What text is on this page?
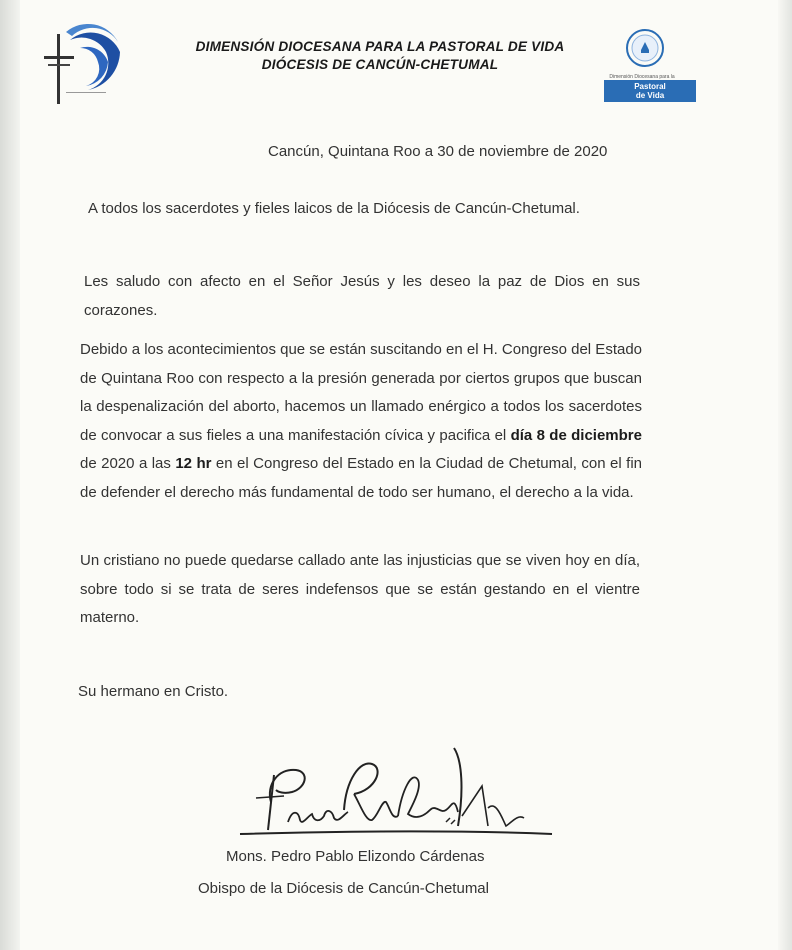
DIMENSIÓN DIOCESANA PARA LA PASTORAL DE VIDA
DIÓCESIS DE CANCÚN-CHETUMAL
Dimensión Diocesana para la
Pastoral
de Vida
Cancún, Quintana Roo a 30 de noviembre de 2020
A todos los sacerdotes y fieles laicos de la Diócesis de Cancún-Chetumal.
Les saludo con afecto en el Señor Jesús y les deseo la paz de Dios en sus corazones.
Debido a los acontecimientos que se están suscitando en el H. Congreso del Estado de Quintana Roo con respecto a la presión generada por ciertos grupos que buscan la despenalización del aborto, hacemos un llamado enérgico a todos los sacerdotes de convocar a sus fieles a una manifestación cívica y pacifica el día 8 de diciembre de 2020 a las 12 hr en el Congreso del Estado en la Ciudad de Chetumal, con el fin de defender el derecho más fundamental de todo ser humano, el derecho a la vida.
Un cristiano no puede quedarse callado ante las injusticias que se viven hoy en día, sobre todo si se trata de seres indefensos que se están gestando en el vientre materno.
Su hermano en Cristo.
Mons. Pedro Pablo Elizondo Cárdenas
Obispo de la Diócesis de Cancún-Chetumal
